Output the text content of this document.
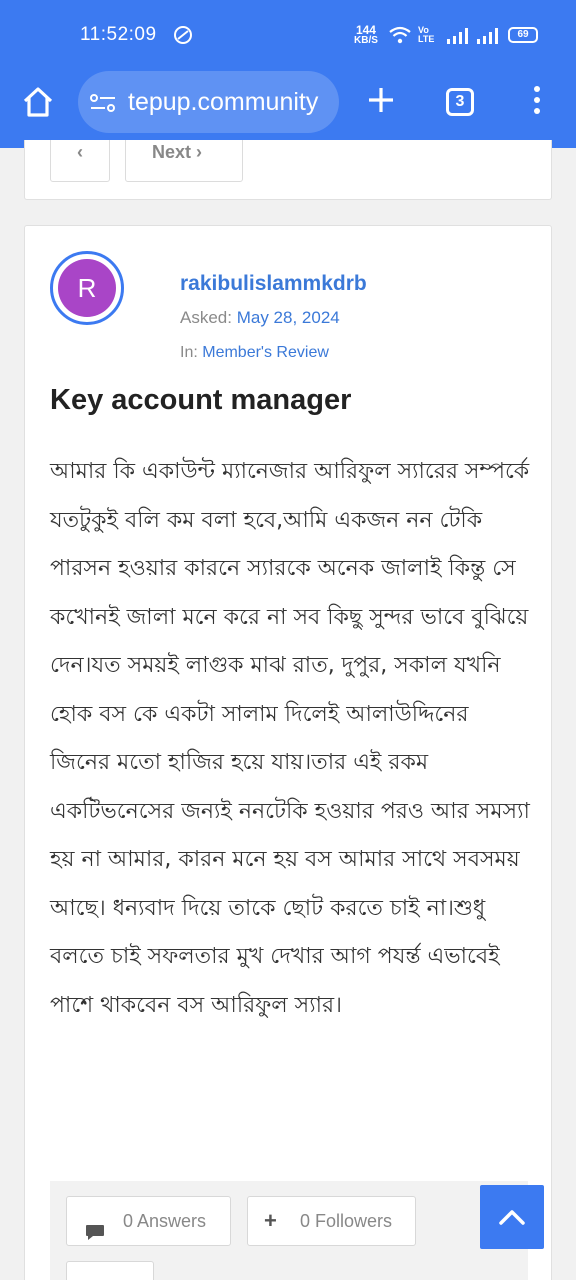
11:52:09	144
KB/S
Vo LTE	69
tepup.community	3
‹	Next ›
R	rakibulislammkdrb
Asked: May 28, 2024
In: Member's Review
Key account manager

আমার কি একাউন্ট ম্যানেজার আরিফুল স্যারের সম্পর্কে যতটুকুই বলি কম বলা হবে,আমি একজন নন টেকি পারসন হওয়ার কারনে স্যারকে অনেক জালাই কিন্তু সে কখোনই জালা মনে করে না সব কিছু সুন্দর ভাবে বুঝিয়ে দেন।যত সময়ই লাগুক মাঝ রাত, দুপুর, সকাল যখনি হোক বস কে একটা সালাম দিলেই আলাউদ্দিনের জিনের মতো হাজির হয়ে যায়।তার এই রকম একটিভনেসের জন্যই ননটেকি হওয়ার পরও আর সমস্যা হয় না আমার, কারন মনে হয় বস আমার সাথে সবসময় আছে। ধন্যবাদ দিয়ে তাকে ছোট করতে চাই না।শুধু বলতে চাই সফলতার মুখ দেখার আগ পযর্ন্ত এভাবেই পাশে থাকবেন বস আরিফুল স্যার।

0 Answers	+ 0 Followers
